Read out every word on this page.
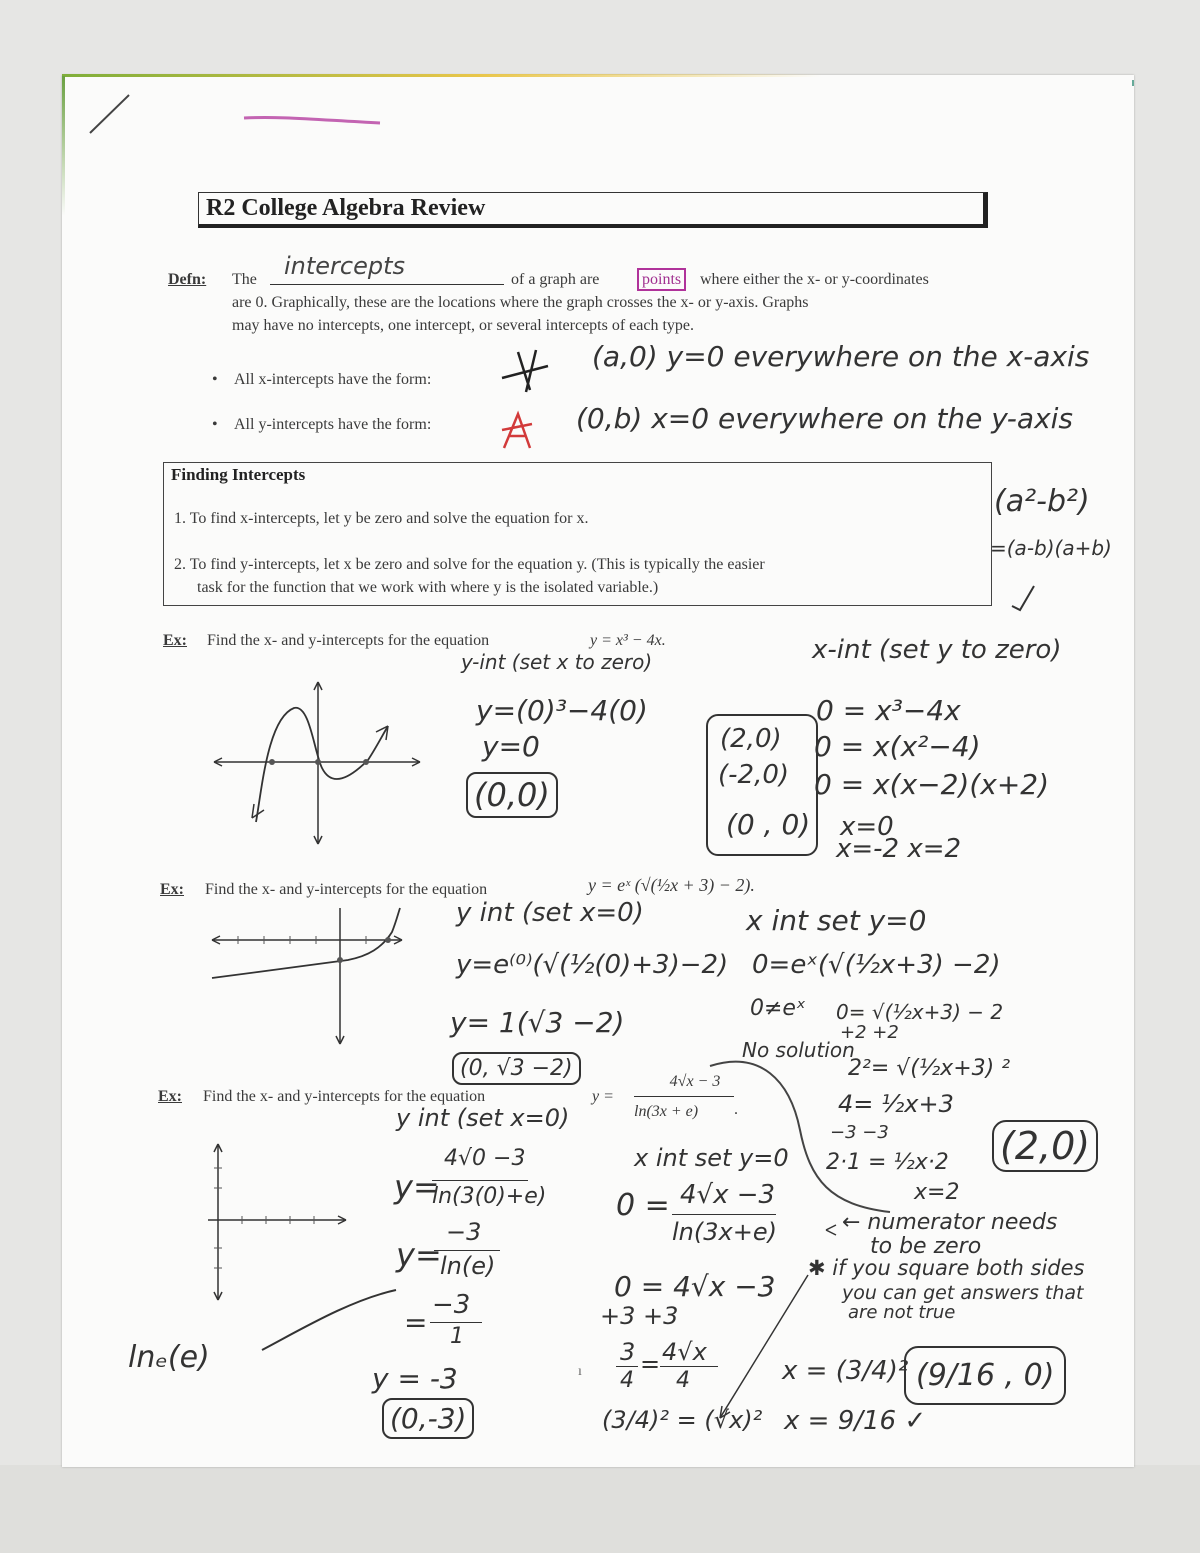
R2 College Algebra Review
Defn: The intercepts	of a graph are	points	where either the x- or y-coordinates
are 0. Graphically, these are the locations where the graph crosses the x- or y-axis. Graphs
may have no intercepts, one intercept, or several intercepts of each type.
• All x-intercepts have the form:
(a,0) y=0 everywhere on the x-axis
• All y-intercepts have the form:	(0,b) x=0 everywhere on the y-axis
Finding Intercepts
1. To find x-intercepts, let y be zero and solve the equation for x.
2. To find y-intercepts, let x be zero and solve for the equation y. (This is typically the easier
task for the function that we work with where y is the isolated variable.)
(a²-b²)
=(a-b)(a+b)
Ex: Find the x- and y-intercepts for the equation	y = x³ − 4x.
y-int (set x to zero)
y=(0)³−4(0)
y=0
(0,0)
(2,0)
(-2,0)
(0 , 0)
x-int (set y to zero)
0 = x³−4x
0 = x(x²−4)
0 = x(x−2)(x+2)
x=0
x=-2 x=2
Ex: Find the x- and y-intercepts for the equation	y = eˣ (√(½x + 3) − 2).
y int (set x=0)
y=e⁽⁰⁾(√(½(0)+3)−2)
y= 1(√3 −2)
(0, √3 −2)
x int set y=0
0=eˣ(√(½x+3) −2)
0≠eˣ 0= √(½x+3) − 2
+2 +2
No solution
2²= √(½x+3) ²
4= ½x+3
−3 −3
2·1 = ½x·2
x=2
(2,0)
Ex: Find the x- and y-intercepts for the equation	y =
4√x − 3
ln(3x + e) .
y int (set x=0)
y=
4√0 −3
ln(3(0)+e)
y=
−3
ln(e)
=
−3
1
y = -3
(0,-3)
lnₑ(e)
x int set y=0
0 = 4√x −3
ln(3x+e)
0 = 4√x −3
+3 +3
3
4
= 4√x
4
(3/4)² = (√x)²
x = (3/4)²
x = 9/16 ✓
(9/16 , 0)
← numerator needs
to be zero
✱ if you square both sides
you can get answers that
are not true
ı
